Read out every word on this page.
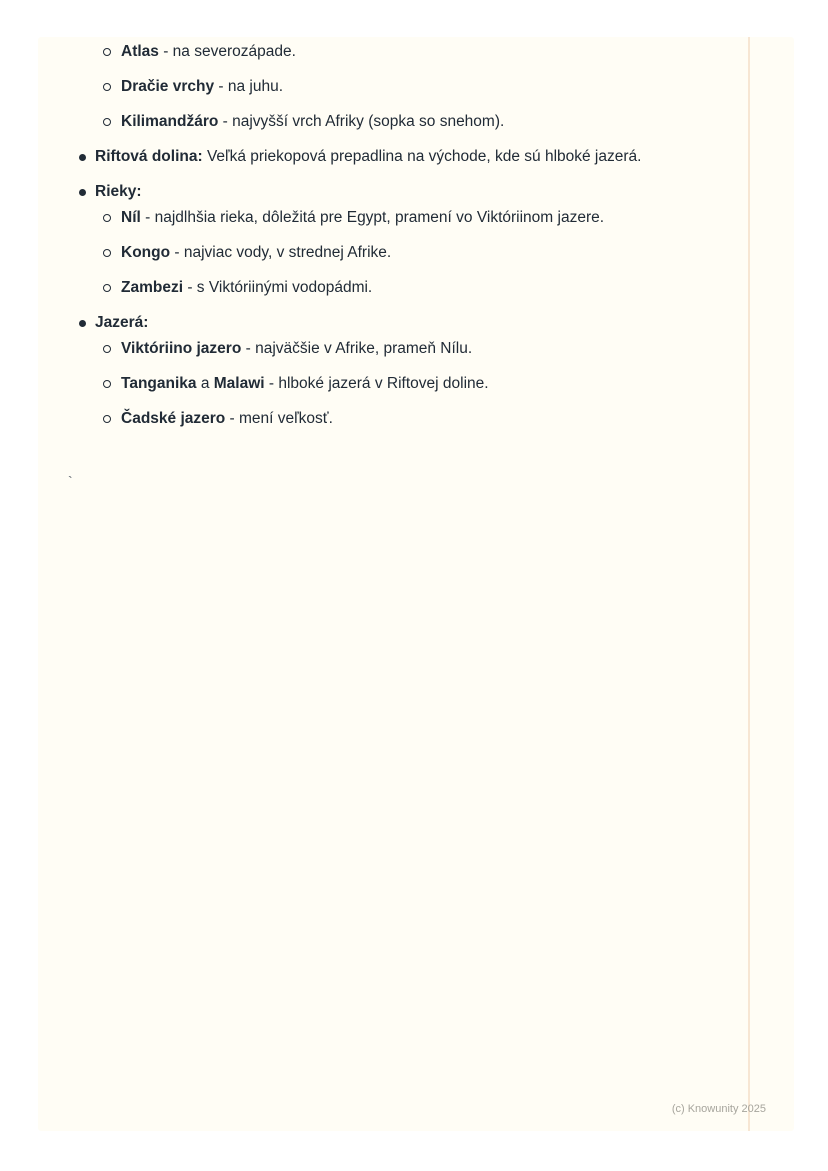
Atlas - na severozápade.
Dračie vrchy - na juhu.
Kilimandžáro - najvyšší vrch Afriky (sopka so snehom).
Riftová dolina: Veľká priekopová prepadlina na východe, kde sú hlboké jazerá.
Rieky:
Níl - najdlhšia rieka, dôležitá pre Egypt, pramení vo Viktóriinom jazere.
Kongo - najviac vody, v strednej Afrike.
Zambezi - s Viktóriinými vodopádmi.
Jazerá:
Viktóriino jazero - najväčšie v Afrike, prameň Nílu.
Tanganika a Malawi - hlboké jazerá v Riftovej doline.
Čadské jazero - mení veľkosť.
`
(c) Knowunity 2025
